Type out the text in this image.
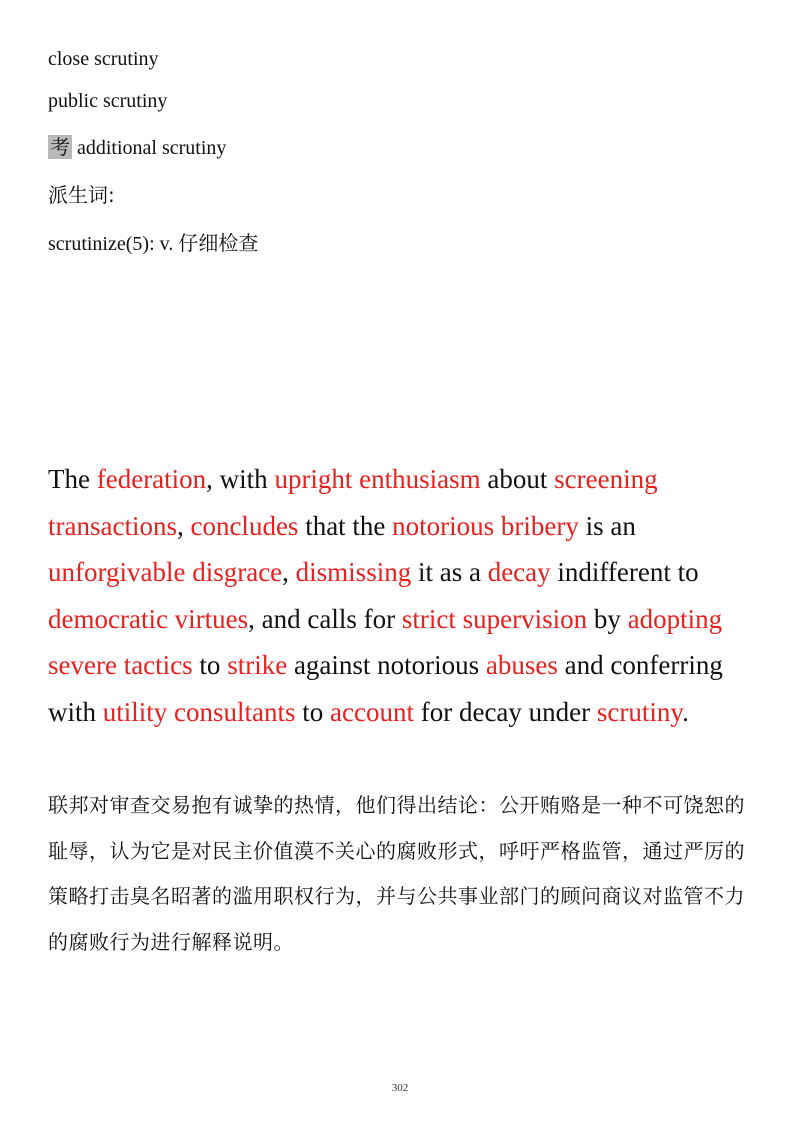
close scrutiny
public scrutiny
考 additional scrutiny
派生词:
scrutinize(5): v. 仔细检查

The federation, with upright enthusiasm about screening transactions, concludes that the notorious bribery is an unforgivable disgrace, dismissing it as a decay indifferent to democratic virtues, and calls for strict supervision by adopting severe tactics to strike against notorious abuses and conferring with utility consultants to account for decay under scrutiny.

联邦对审查交易抱有诚挚的热情，他们得出结论：公开贿赂是一种不可饶恕的耻辱，认为它是对民主价值漠不关心的腐败形式，呼吁严格监管，通过严厉的策略打击臭名昭著的滥用职权行为，并与公共事业部门的顾问商议对监管不力的腐败行为进行解释说明。

302
